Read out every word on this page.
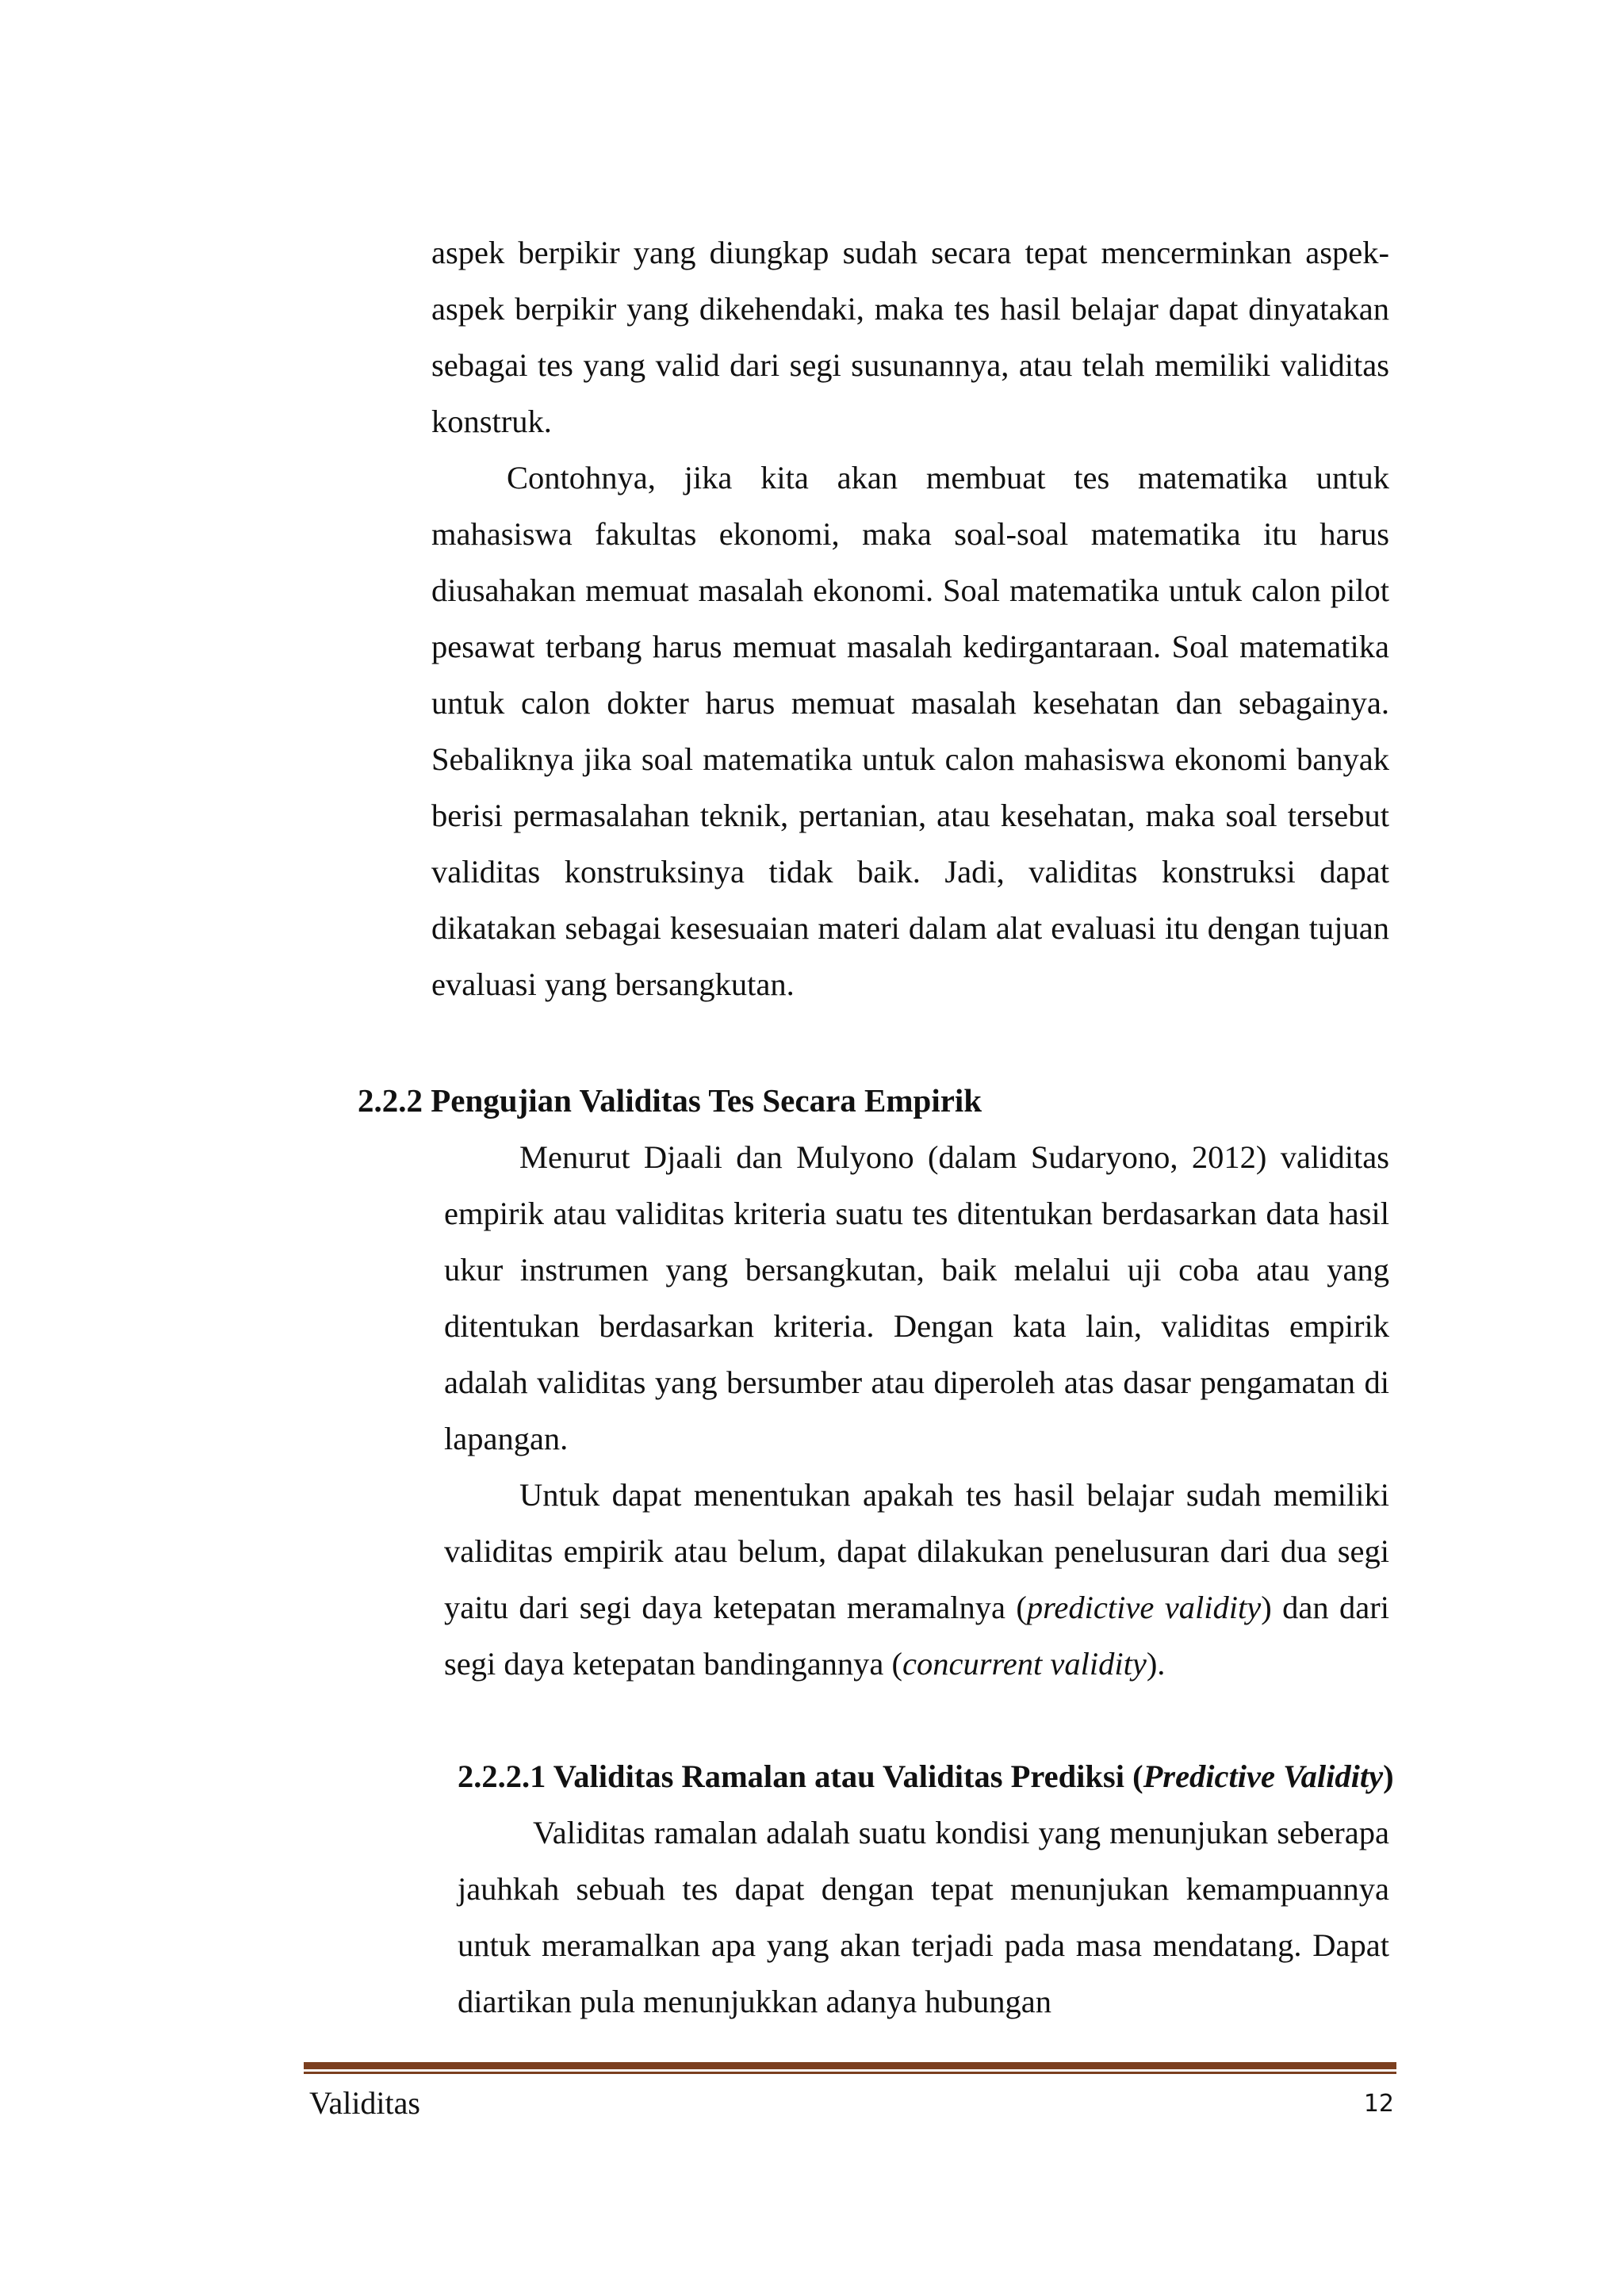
aspek berpikir yang diungkap sudah secara tepat mencerminkan aspek-aspek berpikir yang dikehendaki, maka tes hasil belajar dapat dinyatakan sebagai tes yang valid dari segi susunannya, atau telah memiliki validitas konstruk.

Contohnya, jika kita akan membuat tes matematika untuk mahasiswa fakultas ekonomi, maka soal-soal matematika itu harus diusahakan memuat masalah ekonomi. Soal matematika untuk calon pilot pesawat terbang harus memuat masalah kedirgantaraan. Soal matematika untuk calon dokter harus memuat masalah kesehatan dan sebagainya. Sebaliknya jika soal matematika untuk calon mahasiswa ekonomi banyak berisi permasalahan teknik, pertanian, atau kesehatan, maka soal tersebut validitas konstruksinya tidak baik. Jadi, validitas konstruksi dapat dikatakan sebagai kesesuaian materi dalam alat evaluasi itu dengan tujuan evaluasi yang bersangkutan.

2.2.2 Pengujian Validitas Tes Secara Empirik

Menurut Djaali dan Mulyono (dalam Sudaryono, 2012) validitas empirik atau validitas kriteria suatu tes ditentukan berdasarkan data hasil ukur instrumen yang bersangkutan, baik melalui uji coba atau yang ditentukan berdasarkan kriteria. Dengan kata lain, validitas empirik adalah validitas yang bersumber atau diperoleh atas dasar pengamatan di lapangan.

Untuk dapat menentukan apakah tes hasil belajar sudah memiliki validitas empirik atau belum, dapat dilakukan penelusuran dari dua segi yaitu dari segi daya ketepatan meramalnya (predictive validity) dan dari segi daya ketepatan bandingannya (concurrent validity).

2.2.2.1 Validitas Ramalan atau Validitas Prediksi (Predictive Validity)

Validitas ramalan adalah suatu kondisi yang menunjukan seberapa jauhkah sebuah tes dapat dengan tepat menunjukan kemampuannya untuk meramalkan apa yang akan terjadi pada masa mendatang. Dapat diartikan pula menunjukkan adanya hubungan

Validitas	12
